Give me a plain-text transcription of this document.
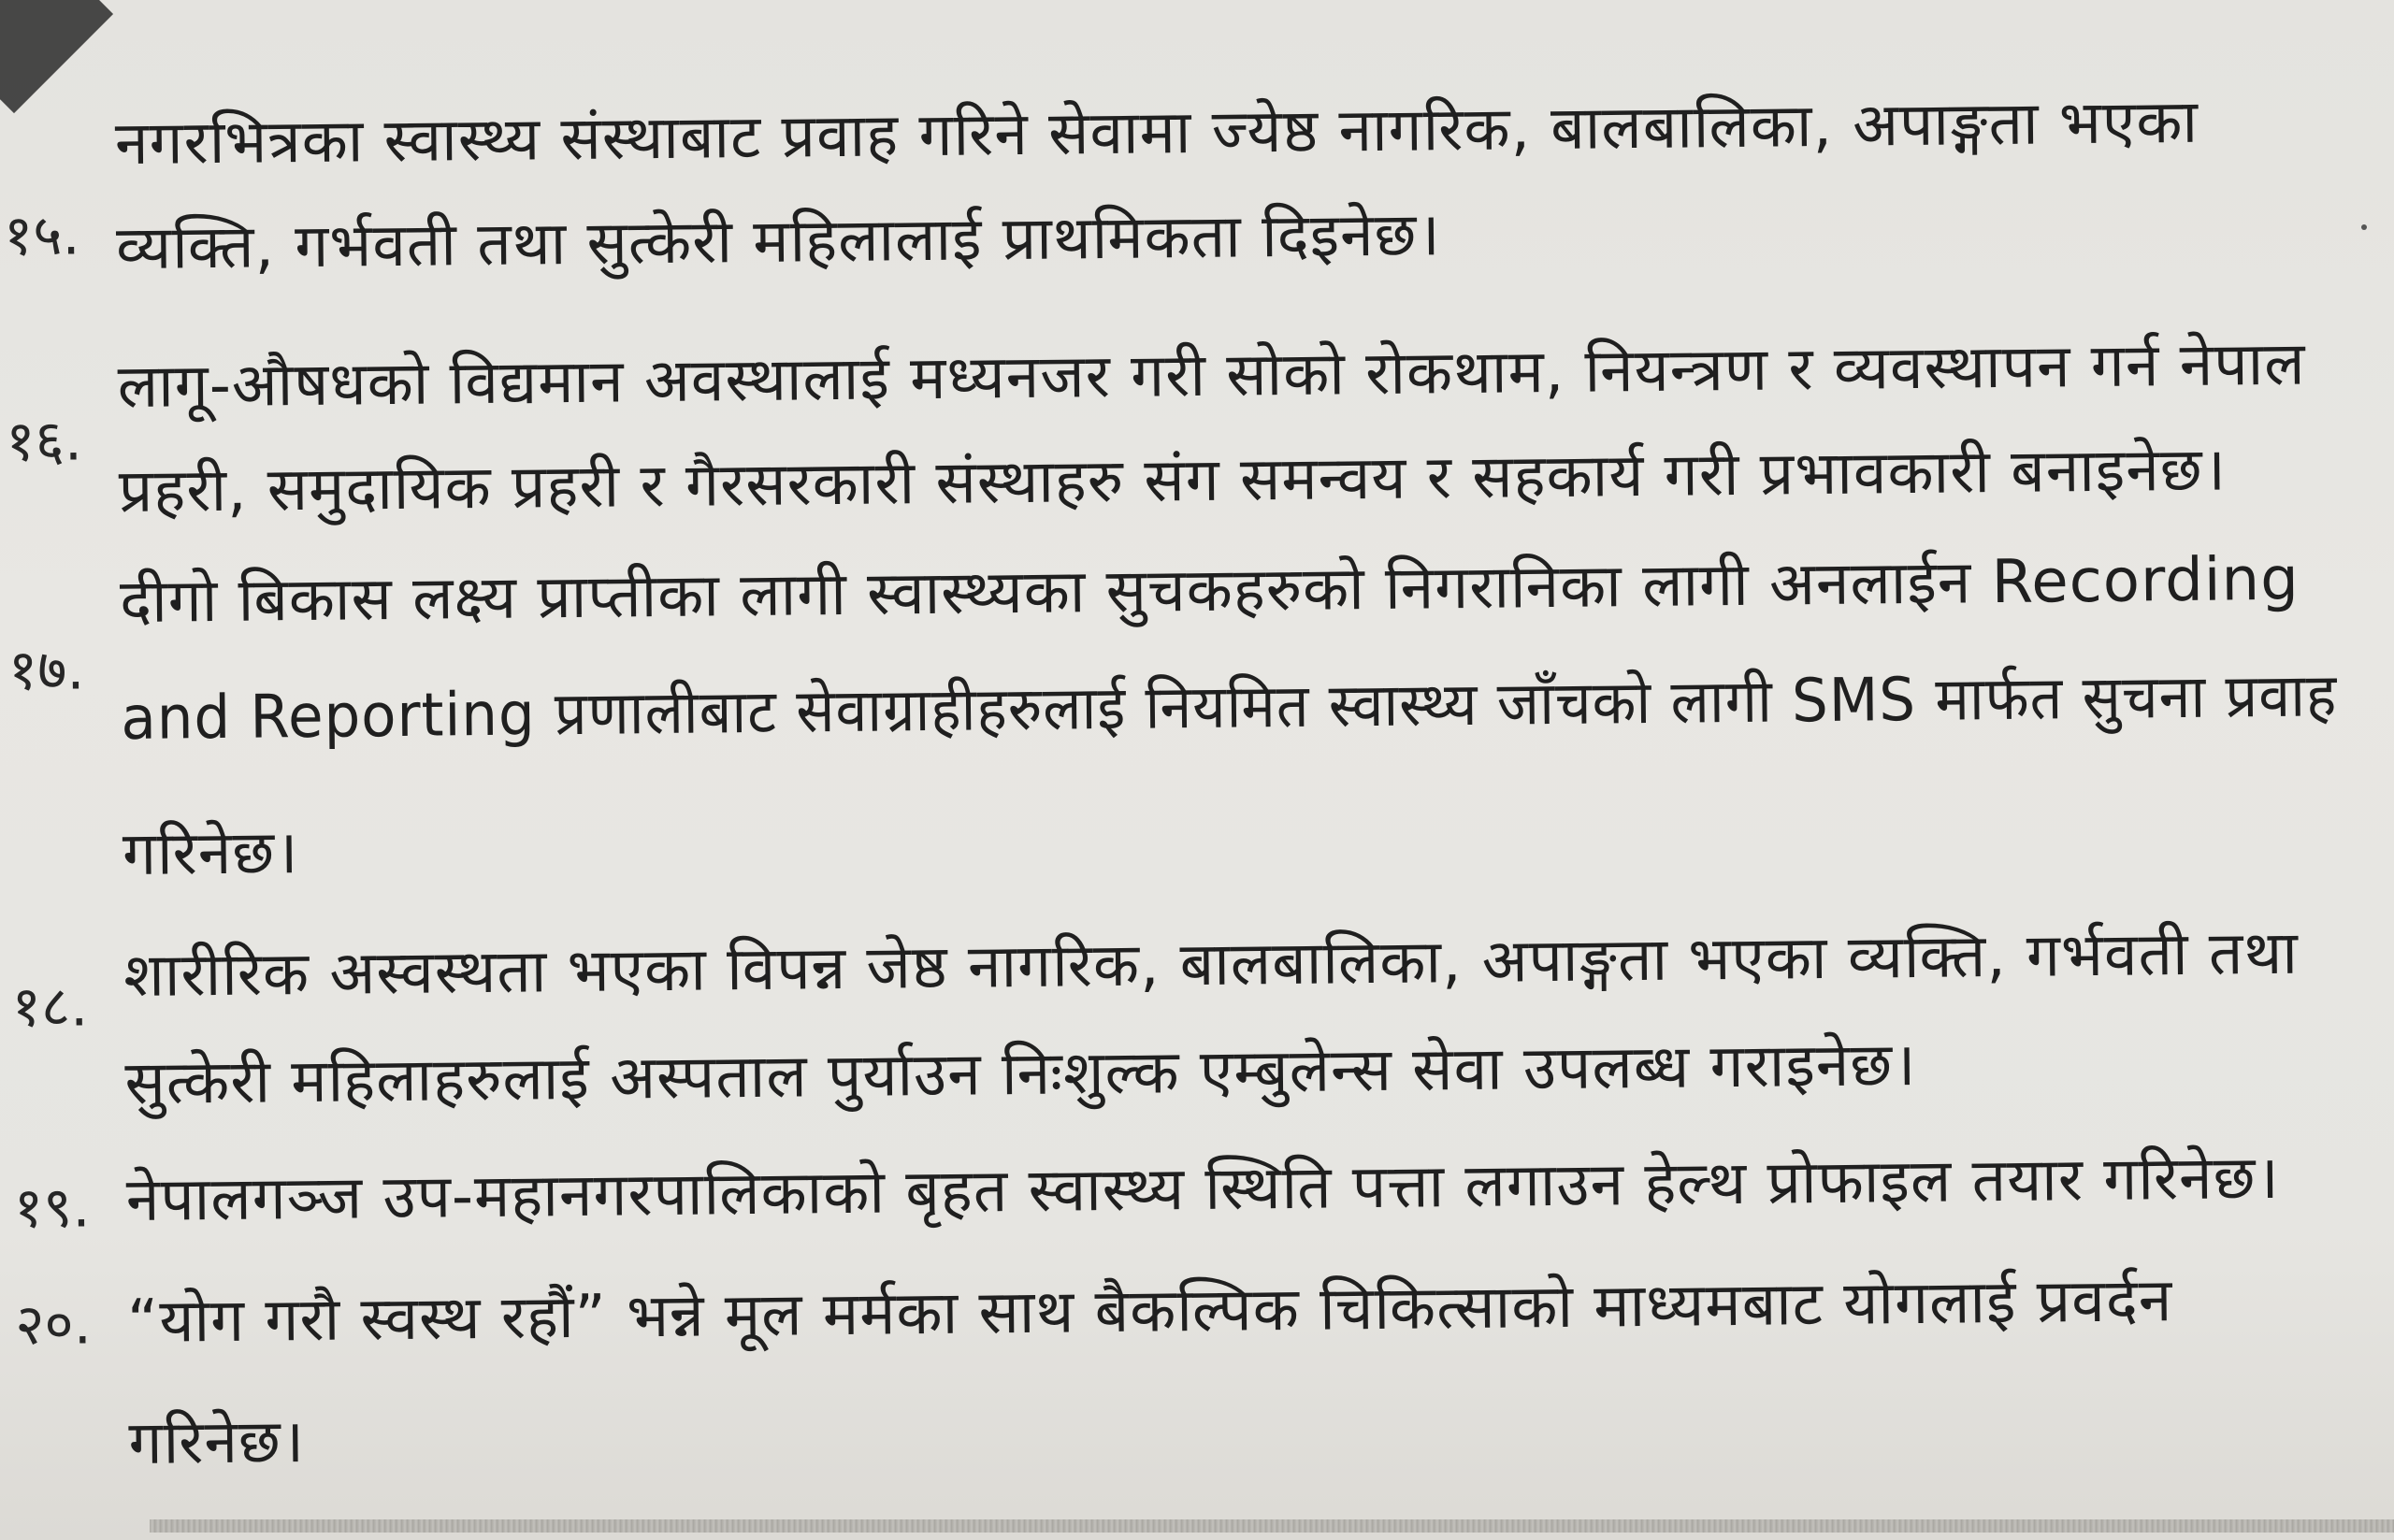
१५.
नगरभित्रका स्वास्थ्य संस्थाबाट प्रवाह गरिने सेवामा ज्येष्ठ नागरिक, बालबालिका, अपाङ्गता भएका
व्यक्ति, गर्भवती तथा सुत्केरी महिलालाई प्राथमिकता दिइनेछ।
१६.
लागू-औषधको विद्यमान अवस्थालाई मध्यनजर गरी सोको रोकथाम, नियन्त्रण र व्यवस्थापन गर्न नेपाल
प्रहरी, समुदायिक प्रहरी र गैरसरकारी संस्थाहरु संग समन्वय र सहकार्य गरी प्रभावकारी बनाइनेछ।
१७.
दीगो बिकास लक्ष्य प्राप्तीका लागी स्वास्थ्यका सुचकहरुको निगरानिका लागी अनलाईन Recording
and Reporting प्रणालीबाट सेवाग्राहीहरुलाई नियमित स्वास्थ्य जाँचको लागी SMS मार्फत सुचना प्रवाह
गरिनेछ।
१८. शारीरिक अस्वस्थता भएका विपन्न जेष्ठ नागरिक, बालबालिका, अपाङ्गता भएका व्यक्ति, गर्भवती तथा
सुत्केरी महिलाहरुलाई अस्पताल पुर्याउन निःशुल्क एम्बुलेन्स सेवा उपलब्ध गराइनेछ।
१९. नेपालगञ्ज उप-महानगरपालिकाको बृहत स्वास्थ्य स्थिति पत्ता लगाउन हेल्थ प्रोफाइल तयार गरिनेछ।
२०. “योग गरौ स्वस्थ रहौं” भन्ने मूल मर्मका साथ बैकल्पिक चिकित्साको माध्यमबाट योगलाई प्रवर्दन
गरिनेछ।
